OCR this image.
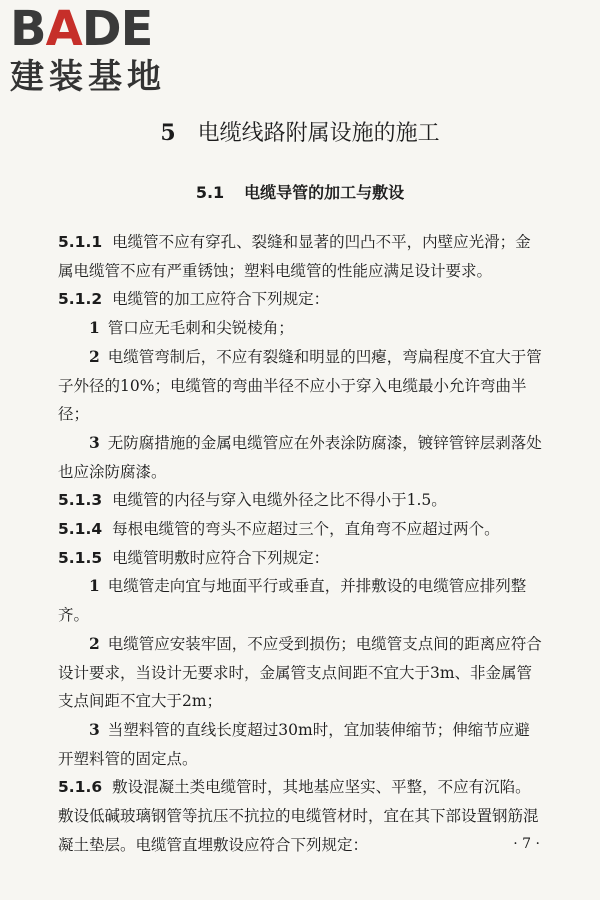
BADE
建装基地
5 电缆线路附属设施的施工
5.1 电缆导管的加工与敷设

5.1.1 电缆管不应有穿孔、裂缝和显著的凹凸不平，内壁应光滑；金属电缆管不应有严重锈蚀；塑料电缆管的性能应满足设计要求。

5.1.2 电缆管的加工应符合下列规定：

1 管口应无毛刺和尖锐棱角；

2 电缆管弯制后，不应有裂缝和明显的凹瘪，弯扁程度不宜大于管子外径的10%；电缆管的弯曲半径不应小于穿入电缆最小允许弯曲半径；

3 无防腐措施的金属电缆管应在外表涂防腐漆，镀锌管锌层剥落处也应涂防腐漆。

5.1.3 电缆管的内径与穿入电缆外径之比不得小于1.5。

5.1.4 每根电缆管的弯头不应超过三个，直角弯不应超过两个。

5.1.5 电缆管明敷时应符合下列规定：

1 电缆管走向宜与地面平行或垂直，并排敷设的电缆管应排列整齐。

2 电缆管应安装牢固，不应受到损伤；电缆管支点间的距离应符合设计要求，当设计无要求时，金属管支点间距不宜大于3m、非金属管支点间距不宜大于2m；

3 当塑料管的直线长度超过30m时，宜加装伸缩节；伸缩节应避开塑料管的固定点。

5.1.6 敷设混凝土类电缆管时，其地基应坚实、平整，不应有沉陷。敷设低碱玻璃钢管等抗压不抗拉的电缆管材时，宜在其下部设置钢筋混凝土垫层。电缆管直埋敷设应符合下列规定：	· 7 ·
